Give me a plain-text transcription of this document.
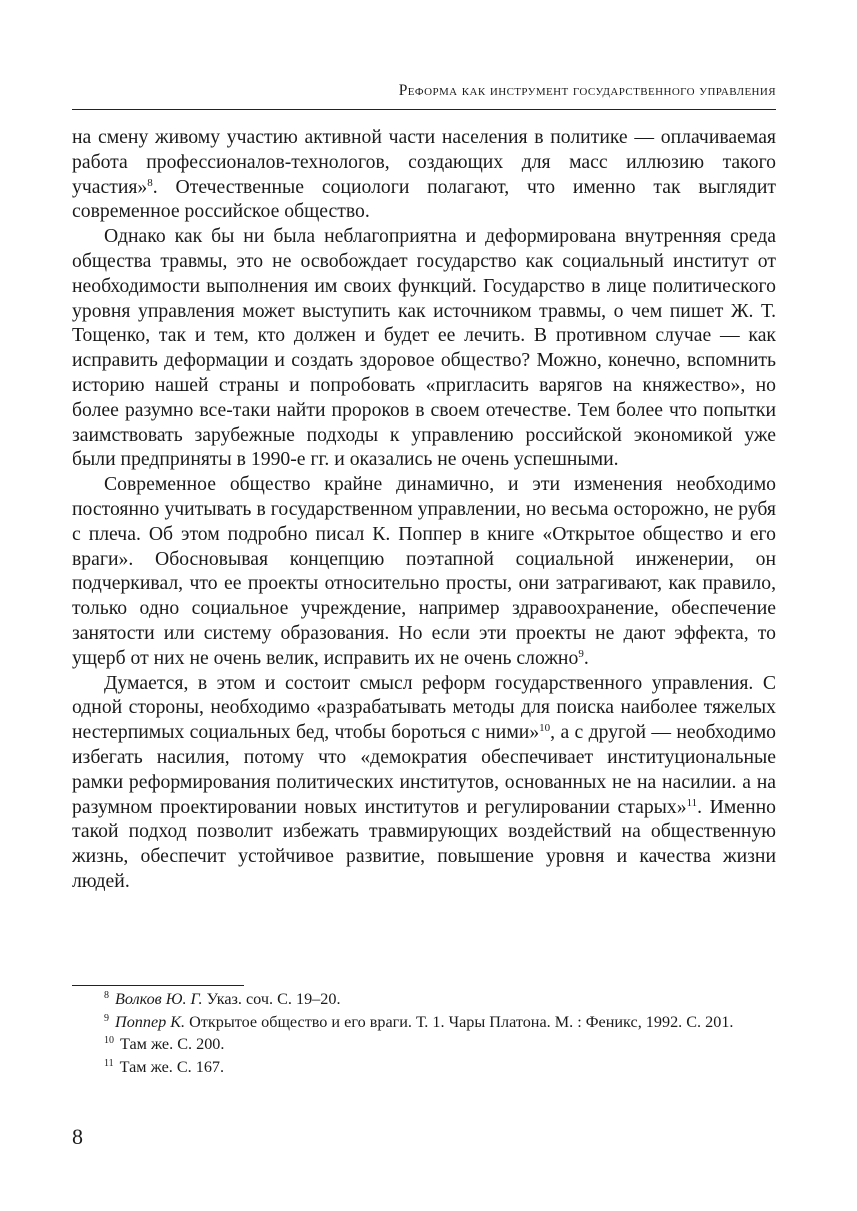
Реформа как инструмент государственного управления

на смену живому участию активной части населения в политике — оплачиваемая работа профессионалов-технологов, создающих для масс иллюзию такого участия»$^8$. Отечественные социологи полагают, что именно так выглядит современное российское общество.

Однако как бы ни была неблагоприятна и деформирована внутренняя среда общества травмы, это не освобождает государство как социальный институт от необходимости выполнения им своих функций. Государство в лице политического уровня управления может выступить как источником травмы, о чем пишет Ж. Т. Тощенко, так и тем, кто должен и будет ее лечить. В противном случае — как исправить деформации и создать здоровое общество? Можно, конечно, вспомнить историю нашей страны и попробовать «пригласить варягов на княжество», но более разумно все-таки найти пророков в своем отечестве. Тем более что попытки заимствовать зарубежные подходы к управлению российской экономикой уже были предприняты в 1990-е гг. и оказались не очень успешными.

Современное общество крайне динамично, и эти изменения необходимо постоянно учитывать в государственном управлении, но весьма осторожно, не рубя с плеча. Об этом подробно писал К. Поппер в книге «Открытое общество и его враги». Обосновывая концепцию поэтапной социальной инженерии, он подчеркивал, что ее проекты относительно просты, они затрагивают, как правило, только одно социальное учреждение, например здравоохранение, обеспечение занятости или систему образования. Но если эти проекты не дают эффекта, то ущерб от них не очень велик, исправить их не очень сложно$^9$.

Думается, в этом и состоит смысл реформ государственного управления. С одной стороны, необходимо «разрабатывать методы для поиска наиболее тяжелых нестерпимых социальных бед, чтобы бороться с ними»$^{10}$, а с другой — необходимо избегать насилия, потому что «демократия обеспечивает институциональные рамки реформирования политических институтов, основанных не на насилии. а на разумном проектировании новых институтов и регулировании старых»$^{11}$. Именно такой подход позволит избежать травмирующих воздействий на общественную жизнь, обеспечит устойчивое развитие, повышение уровня и качества жизни людей.

$^8$ Волков Ю. Г. Указ. соч. С. 19–20.

$^9$ Поппер К. Открытое общество и его враги. Т. 1. Чары Платона. М. : Феникс, 1992. С. 201.

$^{10}$ Там же. С. 200.

$^{11}$ Там же. С. 167.

8
